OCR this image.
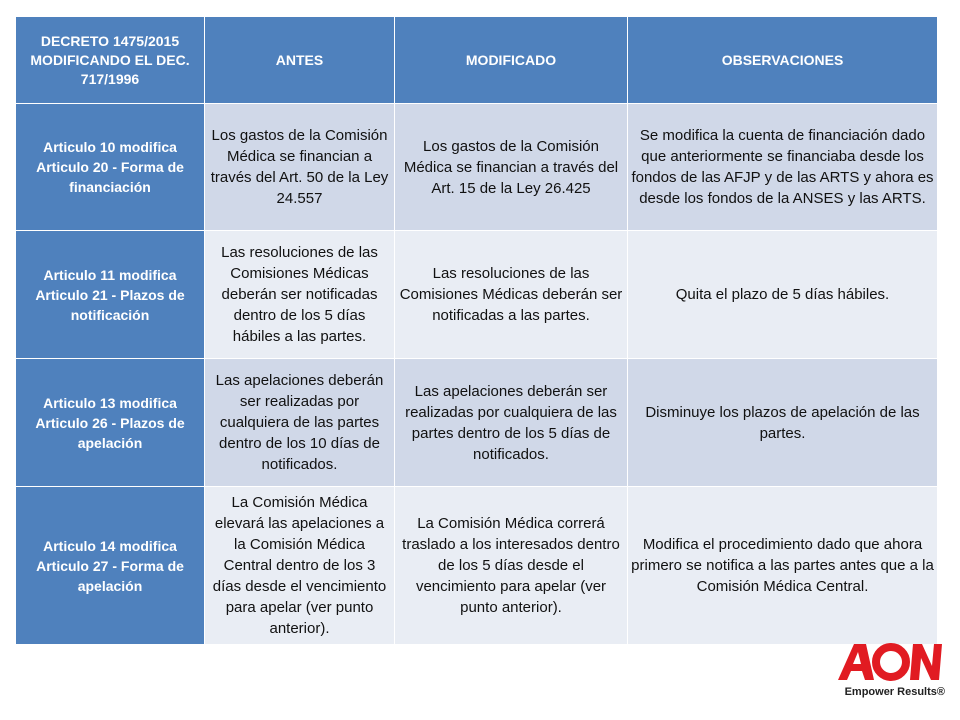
DECRETO 1475/2015 MODIFICANDO EL DEC. 717/1996	ANTES	MODIFICADO	OBSERVACIONES
Articulo 10 modifica Articulo 20 - Forma de financiación	Los gastos de la Comisión Médica se financian a través del Art. 50 de la Ley 24.557	Los gastos de la Comisión Médica se financian a través del Art. 15 de la Ley 26.425	Se modifica la cuenta de financiación dado que anteriormente se financiaba desde los fondos de las AFJP y de las ARTS y ahora es desde los fondos de la ANSES y las ARTS.
Articulo 11 modifica Articulo 21 - Plazos de notificación	Las resoluciones de las Comisiones Médicas deberán ser notificadas dentro de los 5 días hábiles a las partes.	Las resoluciones de las Comisiones Médicas deberán ser notificadas a las partes.	Quita el plazo de 5 días hábiles.
Articulo 13 modifica Articulo 26 - Plazos de apelación	Las apelaciones deberán ser realizadas por cualquiera de las partes dentro de los 10 días de notificados.	Las apelaciones deberán ser realizadas por cualquiera de las partes dentro de los 5 días de notificados.	Disminuye los plazos de apelación de las partes.
Articulo 14 modifica Articulo 27 - Forma de apelación	La Comisión Médica elevará las apelaciones a la Comisión Médica Central dentro de los 3 días desde el vencimiento para apelar (ver punto anterior).	La Comisión Médica correrá traslado a los interesados dentro de los 5 días desde el vencimiento para apelar (ver punto anterior).	Modifica el procedimiento dado que ahora primero se notifica a las partes antes que a la Comisión Médica Central.
Empower Results®
